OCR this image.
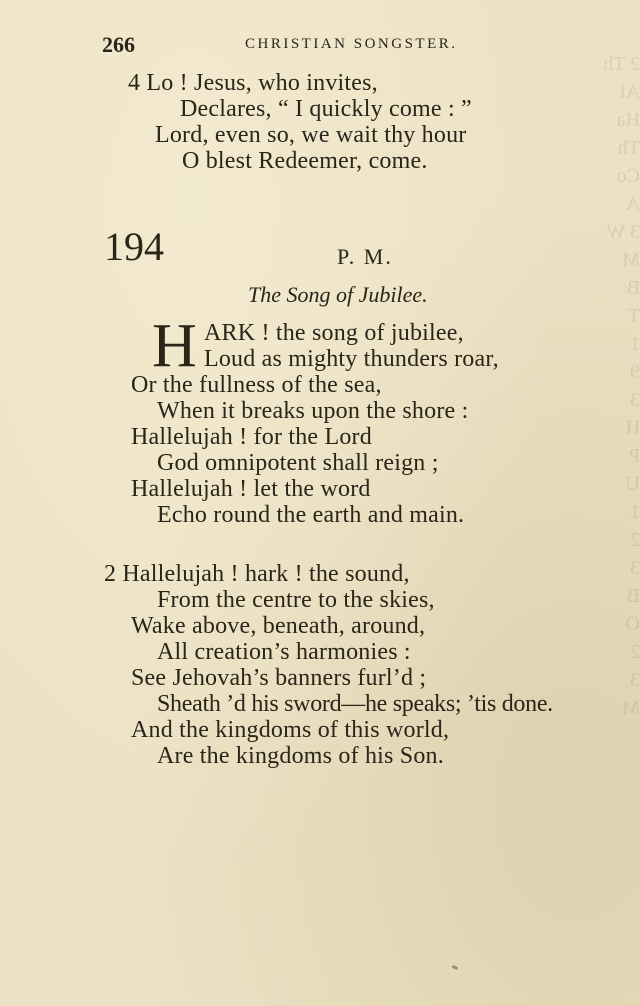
2 Th
Ai
Ha
Th
Co
A
3 W
M
B
T
1
9
3
H
P
U
1
2
3
B
O
2
3
M
266	CHRISTIAN SONGSTER.
4 Lo ! Jesus, who invites,
Declares, “ I quickly come : ”
Lord, even so, we wait thy hour
O blest Redeemer, come.
194	P. M.
The Song of Jubilee.
H ARK ! the song of jubilee,
Loud as mighty thunders roar,
Or the fullness of the sea,
When it breaks upon the shore :
Hallelujah ! for the Lord
God omnipotent shall reign ;
Hallelujah ! let the word
Echo round the earth and main.
2 Hallelujah ! hark ! the sound,
From the centre to the skies,
Wake above, beneath, around,
All creation’s harmonies :
See Jehovah’s banners furl’d ;
Sheath ’d his sword—he speaks; ’tis done.
And the kingdoms of this world,
Are the kingdoms of his Son.
